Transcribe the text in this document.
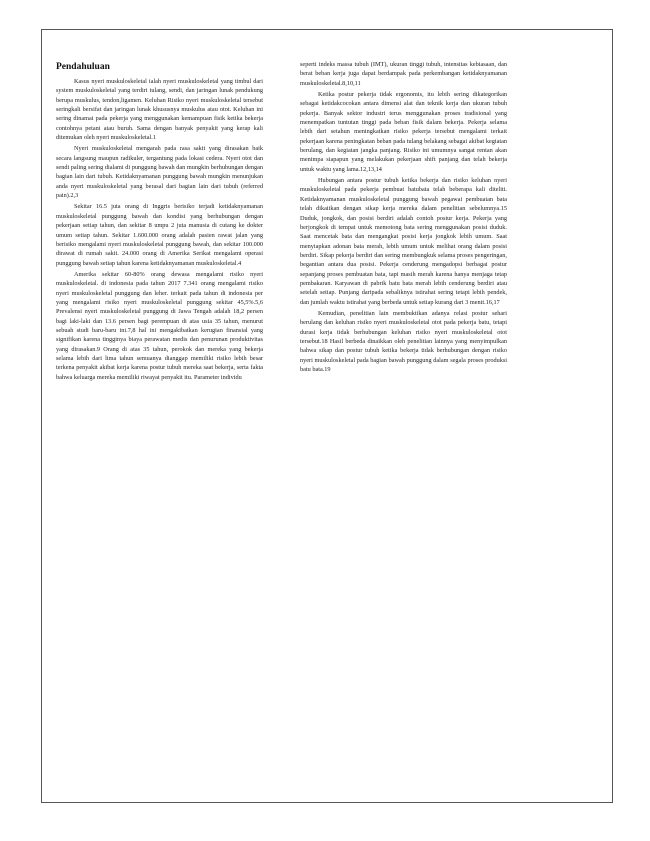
Pendahuluan

Kasus nyeri muskuloskeletal ialah nyeri muskuloskeletal yang timbul dari system muskuloskeletal yang terdiri tulang, sendi, dan jaringan lunak pendukung berupa muskulus, tendon,ligamen. Keluhan Risiko nyeri muskuloskeletal tersebut seringkali bersifat dan jaringan lunak khususnya muskulus atau otot. Keluhan ini sering dinamai pada pekerja yang menggunakan kemampuan fisik ketika bekerja contohnya petani atau buruh. Sama dengan banyak penyakit yang kerap kali ditemukan oleh nyeri muskuloskeletal.1

Nyeri muskuloskeletal mengarah pada rasa sakit yang dirasakan baik secara langsung maupun radikuler, tergantung pada lokasi cedera. Nyeri otot dan sendi paling sering dialami di punggung bawah dan mungkin berhubungan dengan bagian lain dari tubuh. Ketidaknyamanan punggung bawah mungkin menunjukan anda nyeri muskuloskeletal yang berasal dari bagian lain dari tubuh (referred pain).2,3

Sekitar 16.5 juta orang di Inggris berisiko terjadi ketidaknyamanan muskuloskeletal punggung bawah dan kondisi yang berhubungan dengan pekerjaan setiap tahun, dan sekitar 8 umpu 2 juta manusia di cutang ke dokter umum setiap tahun. Sekitar 1.600.000 orang adalah pasien rawat jalan yang berisiko mengalami nyeri muskuloskeletal punggung bawah, dan sekitar 100.000 dirawat di rumah sakit. 24.000 orang di Amerika Serikat mengalami operasi punggung bawah setiap tahun karena ketidaknyamanan muskuloskeletal.4

Amerika sekitar 60-80% orang dewasa mengalami risiko nyeri muskuloskeletal. di indonesia pada tahun 2017 7.341 orang mengalami risiko nyeri muskuloskeletal punggung dan leher. terkait pada tahun di indonesia per yang mengalami risiko nyeri muskuloskeletal punggung sekitar 45,5%.5,6 Prevalensi nyeri muskuloskeletal punggung di Jawa Tengah adalah 18,2 persen bagi laki-laki dan 13.6 persen bagi perempuan di atas usia 35 tahun, menurut sebuah studi baru-baru ini.7,8 hal ini mengakibatkan kerugian finansial yang signifikan karena tingginya biaya perawatan medis dan penurunan produktivitas yang dirasakan.9 Orang di atas 35 tahun, perokok dan mereka yang bekerja selama lebih dari lima tahun semuanya dianggap memiliki risiko lebih besar terkena penyakit akibat kerja karena postur tubuh mereka saat bekerja, serta fakta bahwa keluarga mereka memiliki riwayat penyakit itu. Parameter individu

seperti indeks massa tubuh (IMT), ukuran tinggi tubuh, intensitas kebiasaan, dan berat beban kerja juga dapat berdampak pada perkembangan ketidaknyamanan muskuloskeletal.8,10,11

Ketika postur pekerja tidak ergonomis, itu lebih sering dikategorikan sebagai ketidakcocokan antara dimensi alat dan teknik kerja dan ukuran tubuh pekerja. Banyak sektor industri terus menggunakan proses tradisional yang menempatkan tuntutan tinggi pada beban fisik dalam bekerja. Pekerja selama lebih dari setahun meningkatkan risiko pekerja tersebut mengalami terkait pekerjaan karena peningkatan beban pada tulang belakang sebagai akibat kegiatan berulang, dan kegiatan jangka panjang. Risiko ini umumnya sangat rentan akan menimpa siapapun yang melakukan pekerjaan shift panjang dan telah bekerja untuk waktu yang lama.12,13,14

Hubungan antara postur tubuh ketika bekerja dan risiko keluhan nyeri muskuloskeletal pada pekerja pembuat batubata telah beberapa kali diteliti. Ketidaknyamanan muskuloskeletal punggung bawah pegawai pembuatan bata telah dikaitkan dengan sikap kerja mereka dalam penelitian sebelumnya.15 Duduk, jongkok, dan posisi berdiri adalah contoh postur kerja. Pekerja yang berjongkok di tempat untuk memotong bata sering menggunakan posisi duduk. Saat mencetak bata dan mengangkat posisi kerja jongkok lebih umum. Saat menyiapkan adonan bata merah, lebih umum untuk melihat orang dalam posisi berdiri. Sikap pekerja berdiri dan sering membungkuk selama proses pengeringan, begantian antara dua posisi. Pekerja cenderung mengadopsi berbagai postur sepanjang proses pembuatan bata, tapi masih merah karena hanya menjaga tetap pembakaran. Karyawan di pabrik batu bata merah lebih cenderung berdiri atau setelah setiap. Punjang daripada sebaliknya istirahat sering tetapi lebih pendek, dan jumlah waktu istirahat yang berbeda untuk setiap kurang dari 3 menit.16,17

Kemudian, penelitian lain membuktikan adanya relasi postur sehari berulang dan keluhan risiko nyeri muskuloskeletal otot pada pekerja batu, tetapi durasi kerja tidak berhubungan keluhan risiko nyeri muskuloskeletal otot tersebut.18 Hasil berbeda dinaikkan oleh penelitian lainnya yang menyimpulkan bahwa sikap dan postur tubuh ketika bekerja tidak berhubungan dengan risiko nyeri muskuloskeletal pada bagian bawah punggung dalam segala proses produksi batu bata.19
